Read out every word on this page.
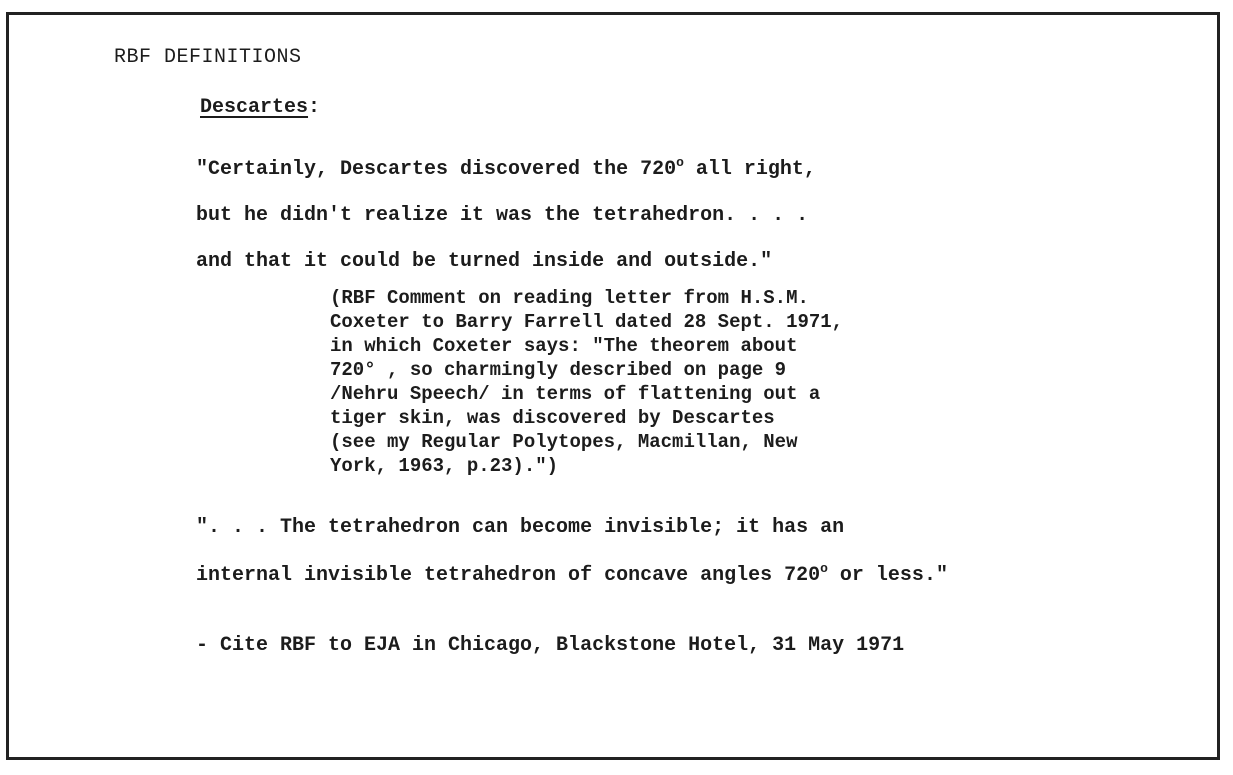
RBF DEFINITIONS
Descartes:
"Certainly, Descartes discovered the 720$^o$ all right,
but he didn't realize it was the tetrahedron. . . .
and that it could be turned inside and outside."
(RBF Comment on reading letter from H.S.M.
Coxeter to Barry Farrell dated 28 Sept. 1971,
in which Coxeter says: "The theorem about
720° , so charmingly described on page 9
/Nehru Speech/ in terms of flattening out a
tiger skin, was discovered by Descartes
(see my Regular Polytopes, Macmillan, New
York, 1963, p.23).")
". . . The tetrahedron can become invisible; it has an
internal invisible tetrahedron of concave angles 720$^o$ or less."
- Cite RBF to EJA in Chicago, Blackstone Hotel, 31 May 1971
